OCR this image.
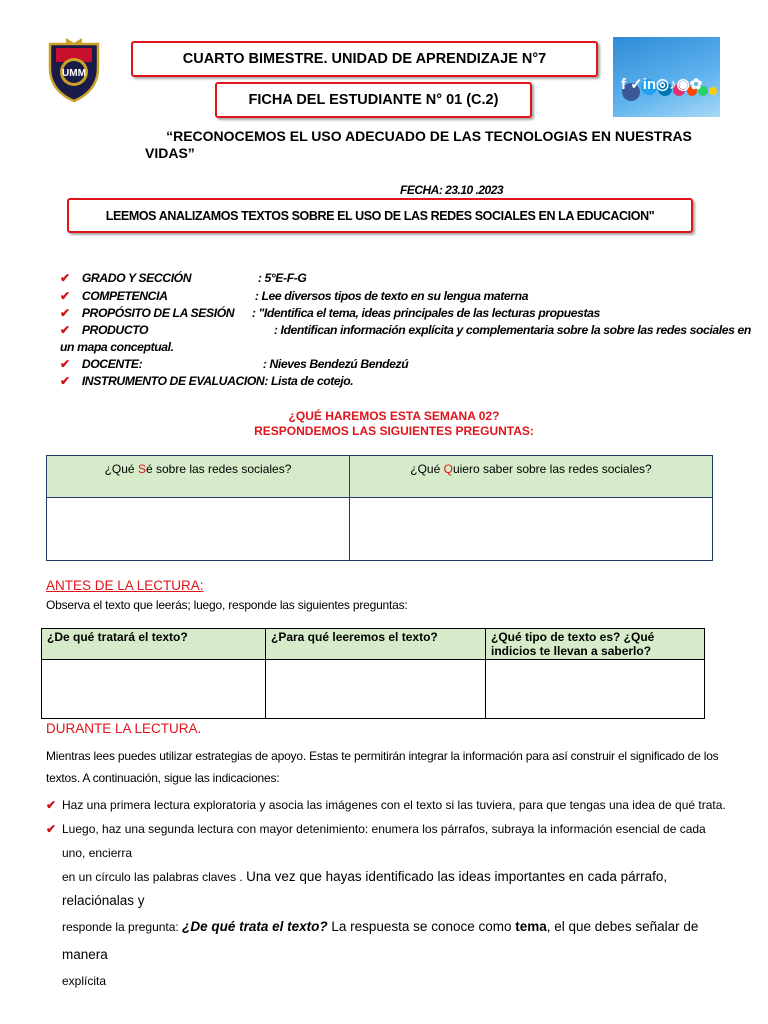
UMM
CUARTO BIMESTRE. UNIDAD DE APRENDIZAJE N°7
FICHA DEL ESTUDIANTE N° 01 (C.2)
f ✓in◎♪◉✿
“RECONOCEMOS EL USO ADECUADO DE LAS TECNOLOGIAS EN NUESTRAS
VIDAS”
FECHA: 23.10 .2023
LEEMOS ANALIZAMOS TEXTOS SOBRE EL USO DE LAS REDES SOCIALES EN LA EDUCACION"
✔ GRADO Y SECCIÓN	: 5°E-F-G
✔ COMPETENCIA	: Lee diversos tipos de texto en su lengua materna
✔ PROPÓSITO DE LA SESIÓN : "Identifica el tema, ideas principales de las lecturas propuestas
✔ PRODUCTO	: Identifican información explícita y complementaria sobre la sobre las redes sociales en
un mapa conceptual.
✔ DOCENTE:	: Nieves Bendezú Bendezú
✔ INSTRUMENTO DE EVALUACION: Lista de cotejo.
¿QUÉ HAREMOS ESTA SEMANA 02?
RESPONDEMOS LAS SIGUIENTES PREGUNTAS:
¿Qué Sé sobre las redes sociales?	¿Qué Quiero saber sobre las redes sociales?

ANTES DE LA LECTURA:
Observa el texto que leerás; luego, responde las siguientes preguntas:
¿De qué tratará el texto?	¿Para qué leeremos el texto?	¿Qué tipo de texto es? ¿Qué indicios te llevan a saberlo?

DURANTE LA LECTURA.
Mientras lees puedes utilizar estrategias de apoyo. Estas te permitirán integrar la información para así construir el significado de los
textos. A continuación, sigue las indicaciones:
✔ Haz una primera lectura exploratoria y asocia las imágenes con el texto si las tuviera, para que tengas una idea de qué trata.
✔ Luego, haz una segunda lectura con mayor detenimiento: enumera los párrafos, subraya la información esencial de cada uno, encierra
en un círculo las palabras claves . Una vez que hayas identificado las ideas importantes en cada párrafo, relaciónalas y
responde la pregunta: ¿De qué trata el texto? La respuesta se conoce como tema, el que debes señalar de manera
explícita
